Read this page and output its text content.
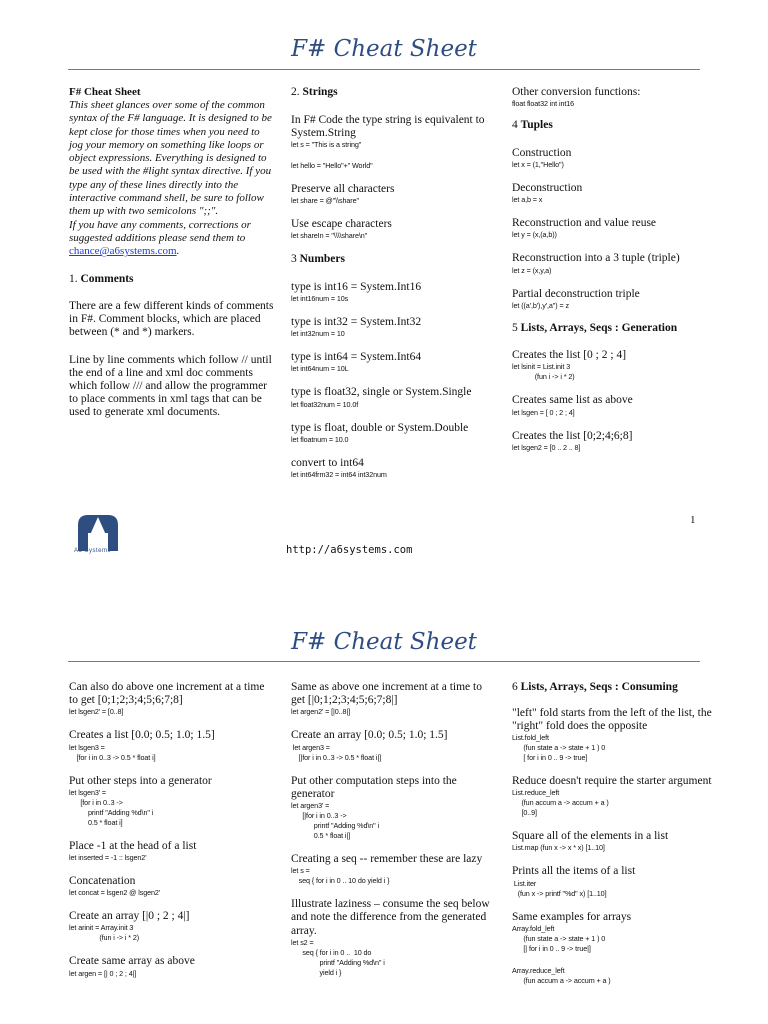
F# Cheat Sheet
F# Cheat Sheet
This sheet glances over some of the common syntax of the F# language. It is designed to be kept close for those times when you need to jog your memory on something like loops or object expressions. Everything is designed to be used with the #light syntax directive. If you type any of these lines directly into the interactive command shell, be sure to follow them up with two semicolons ";;".
If you have any comments, corrections or suggested additions please send them to chance@a6systems.com.
1. Comments
There are a few different kinds of comments in F#. Comment blocks, which are placed between (* and *) markers.
Line by line comments which follow // until the end of a line and xml doc comments which follow /// and allow the programmer to place comments in xml tags that can be used to generate xml documents.
2. Strings
In F# Code the type string is equivalent to System.String
let s = "This is a string"
let hello = "Hello"+" World"
Preserve all characters
let share = @"\\share"
Use escape characters
let shareIn = "\\\\share\n"
3 Numbers
type is int16 = System.Int16
let int16num = 10s
type is int32 = System.Int32
let int32num = 10
type is int64 = System.Int64
let int64num = 10L
type is float32, single or System.Single
let float32num = 10.0f
type is float, double or System.Double
let floatnum = 10.0
convert to int64
let int64frm32 = int64 int32num
Other conversion functions:
float float32 int int16
4 Tuples
Construction
let x = (1,"Hello")
Deconstruction
let a,b = x
Reconstruction and value reuse
let y = (x,(a,b))
Reconstruction into a 3 tuple (triple)
let z = (x,y,a)
Partial deconstruction triple
let ((a',b'),y',a'') = z
5 Lists, Arrays, Seqs : Generation
Creates the list [0 ; 2 ; 4]
let lsinit = List.init 3
(fun i -> i * 2)
Creates same list as above
let lsgen = [ 0 ; 2 ; 4]
Creates the list [0;2;4;6;8]
let lsgen2 = [0 .. 2 .. 8]
1
A6 Systems	http://a6systems.com
F# Cheat Sheet
Can also do above one increment at a time to get [0;1;2;3;4;5;6;7;8]
let lsgen2' = [0..8]
Creates a list [0.0; 0.5; 1.0; 1.5]
let lsgen3 =
[for i in 0..3 -> 0.5 * float i]
Put other steps into a generator
let lsgen3' =
[for i in 0..3 ->
printf "Adding %d\n" i
0.5 * float i]
Place -1 at the head of a list
let inserted = -1 :: lsgen2'
Concatenation
let concat = lsgen2 @ lsgen2'
Create an array [|0 ; 2 ; 4|]
let arinit = Array.init 3
(fun i -> i * 2)
Create same array as above
let argen = [| 0 ; 2 ; 4|]
Same as above one increment at a time to get [|0;1;2;3;4;5;6;7;8|]
let argen2' = [|0..8|]
Create an array [0.0; 0.5; 1.0; 1.5]
let argen3 =
[|for i in 0..3 -> 0.5 * float i|]
Put other computation steps into the generator
let argen3' =
[|for i in 0..3 ->
printf "Adding %d\n" i
0.5 * float i|]
Creating a seq -- remember these are lazy
let s =
seq { for i in 0 .. 10 do yield i }
Illustrate laziness – consume the seq below and note the difference from the generated array.
let s2 =
seq { for i in 0 ..  10 do
printf "Adding %d\n" i
yield i }
6 Lists, Arrays, Seqs : Consuming
"left" fold starts from the left of the list, the "right" fold does the opposite
List.fold_left
(fun state a -> state + 1 ) 0
[ for i in 0 .. 9 -> true]
Reduce doesn't require the starter argument
List.reduce_left
(fun accum a -> accum + a )
[0..9]
Square all of the elements in a list
List.map (fun x -> x * x) [1..10]
Prints all the items of a list
List.iter
(fun x -> printf "%d" x) [1..10]
Same examples for arrays
Array.fold_left
(fun state a -> state + 1 ) 0
[| for i in 0 .. 9 -> true|]
Array.reduce_left
(fun accum a -> accum + a )
